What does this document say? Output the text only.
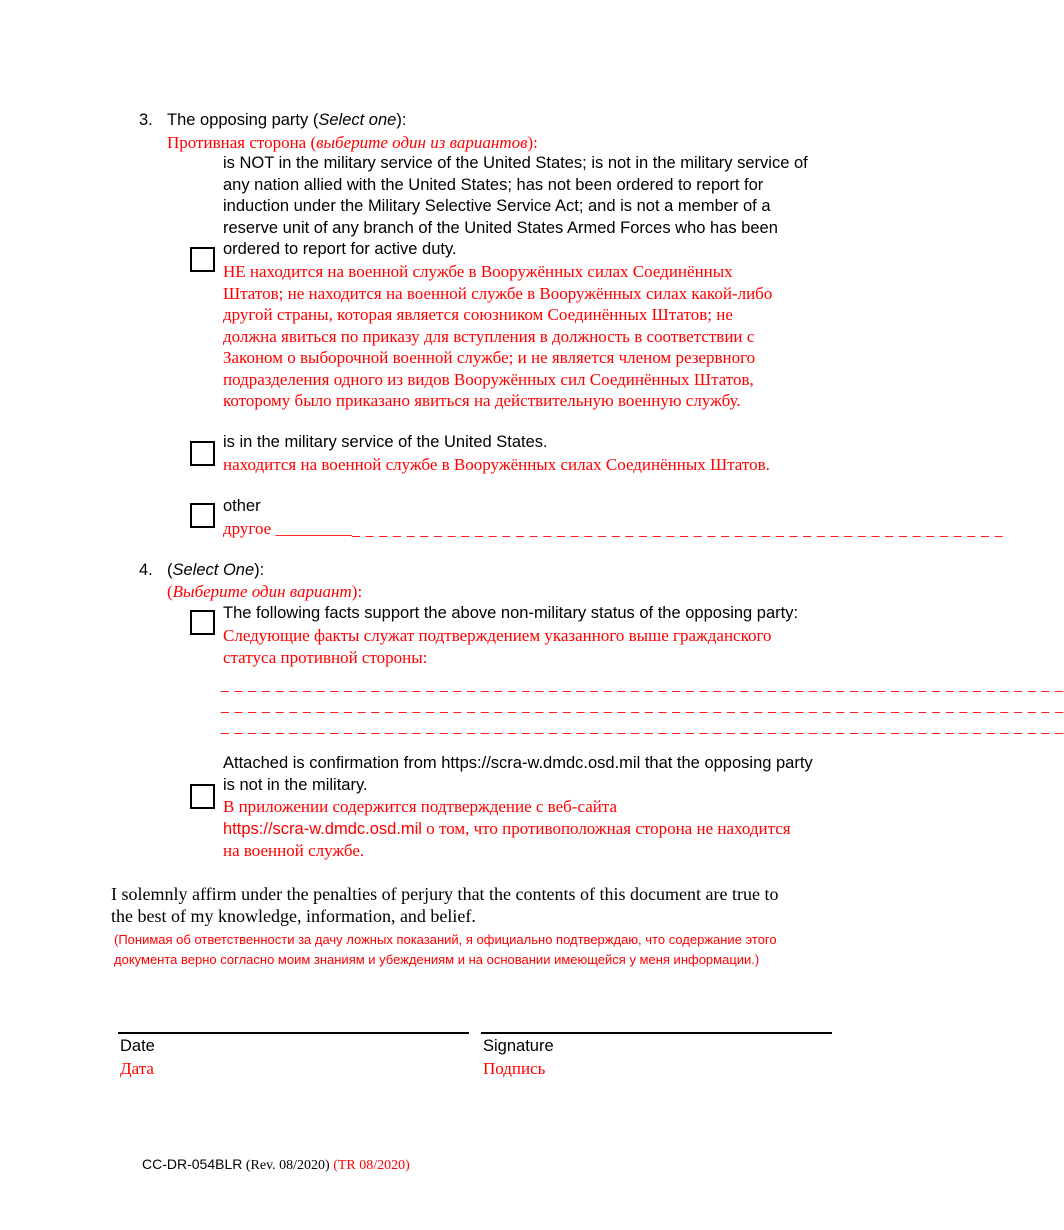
3. The opposing party (Select one):
Противная сторона (выберите один из вариантов):
is NOT in the military service of the United States; is not in the military service of
any nation allied with the United States; has not been ordered to report for
induction under the Military Selective Service Act; and is not a member of a
reserve unit of any branch of the United States Armed Forces who has been
ordered to report for active duty.
НЕ находится на военной службе в Вооружённых силах Соединённых
Штатов; не находится на военной службе в Вооружённых силах какой-либо
другой страны, которая является союзником Соединённых Штатов; не
должна явиться по приказу для вступления в должность в соответствии с
Законом о выборочной военной службе; и не является членом резервного
подразделения одного из видов Вооружённых сил Соединённых Штатов,
которому было приказано явиться на действительную военную службу.
is in the military service of the United States.
находится на военной службе в Вооружённых силах Соединённых Штатов.
other
другое __________ _ _ _ _ _ _ _ _ _ _ _ _ _ _ _ _ _ _ _ _ _ _ _ _ _ _ _ _ _ _ _ _ _ _ _ _ _ _ _ _ _ _ _ _ _ _ _
4. (Select One):
(Выберите один вариант):
The following facts support the above non-military status of the opposing party:
Следующие факты служат подтверждением указанного выше гражданского
статуса противной стороны:
_ _ _ _ _ _ _ _ _ _ _ _ _ _ _ _ _ _ _ _ _ _ _ _ _ _ _ _ _ _ _ _ _ _ _ _ _ _ _ _ _ _ _ _ _ _ _ _ _ _ _ _ _ _ _ _ _ _ _ _ _ _
_ _ _ _ _ _ _ _ _ _ _ _ _ _ _ _ _ _ _ _ _ _ _ _ _ _ _ _ _ _ _ _ _ _ _ _ _ _ _ _ _ _ _ _ _ _ _ _ _ _ _ _ _ _ _ _ _ _ _ _ _ _
_ _ _ _ _ _ _ _ _ _ _ _ _ _ _ _ _ _ _ _ _ _ _ _ _ _ _ _ _ _ _ _ _ _ _ _ _ _ _ _ _ _ _ _ _ _ _ _ _ _ _ _ _ _ _ _ _ _ _ _ _ _
Attached is confirmation from https://scra-w.dmdc.osd.mil that the opposing party
is not in the military.
В приложении содержится подтверждение с веб-сайта
https://scra-w.dmdc.osd.mil о том, что противоположная сторона не находится
на военной службе.
I solemnly affirm under the penalties of perjury that the contents of this document are true to
the best of my knowledge, information, and belief.
(Понимая об ответственности за дачу ложных показаний, я официально подтверждаю, что содержание этого
документа верно согласно моим знаниям и убеждениям и на основании имеющейся у меня информации.)
Date
Дата
Signature
Подпись
CC-DR-054BLR (Rev. 08/2020) (TR 08/2020)
